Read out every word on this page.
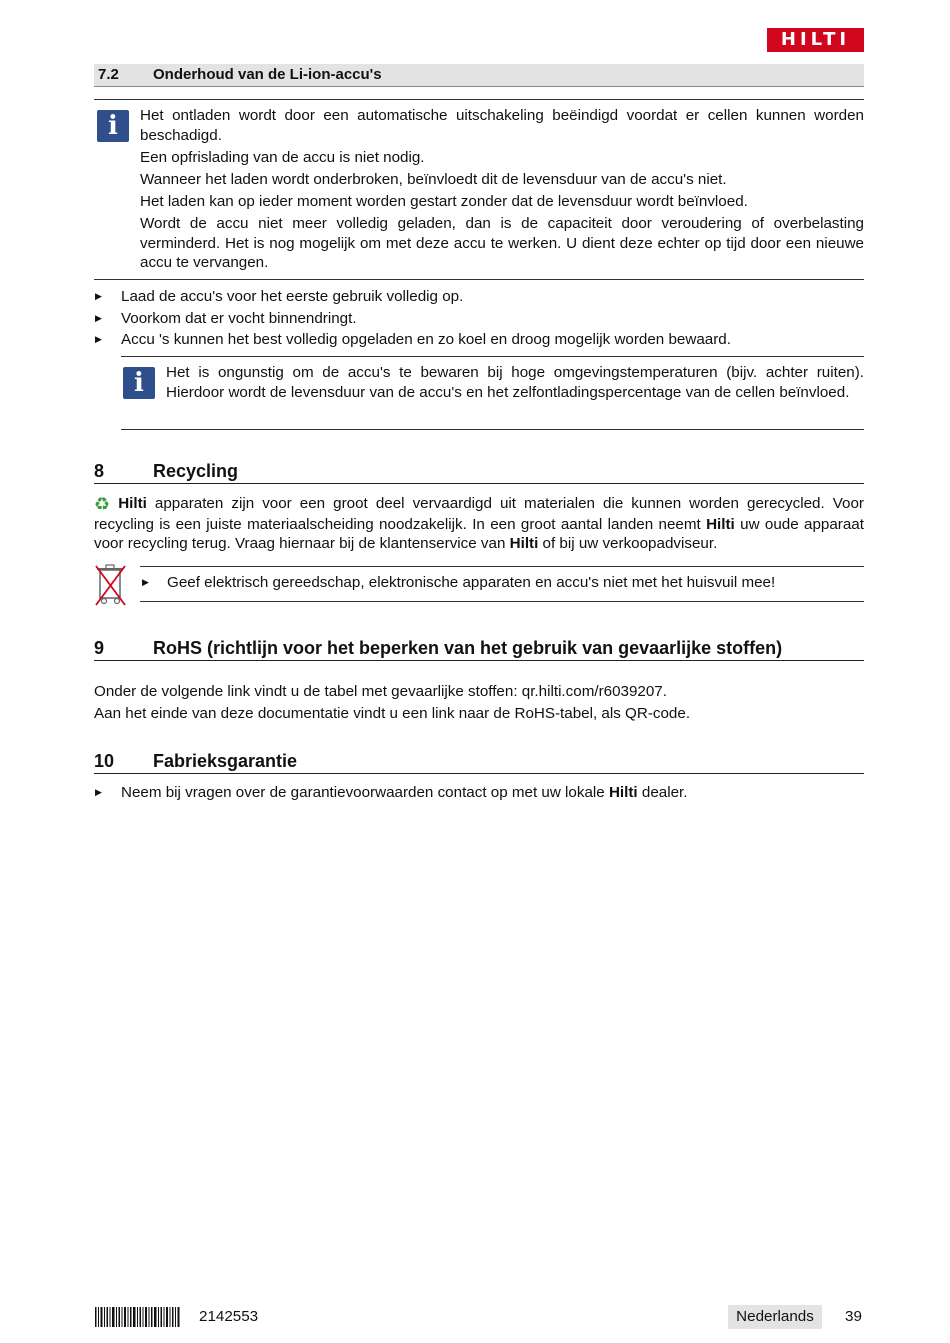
HILTI
7.2 Onderhoud van de Li-ion-accu's
i	Het ontladen wordt door een automatische uitschakeling beëindigd voordat er cellen kunnen worden beschadigd.

Een opfrislading van de accu is niet nodig.

Wanneer het laden wordt onderbroken, beïnvloedt dit de levensduur van de accu's niet.

Het laden kan op ieder moment worden gestart zonder dat de levensduur wordt beïnvloed.

Wordt de accu niet meer volledig geladen, dan is de capaciteit door veroudering of overbelasting verminderd. Het is nog mogelijk om met deze accu te werken. U dient deze echter op tijd door een nieuwe accu te vervangen.

▶ Laad de accu's voor het eerste gebruik volledig op.
▶ Voorkom dat er vocht binnendringt.
▶ Accu 's kunnen het best volledig opgeladen en zo koel en droog mogelijk worden bewaard.
i	Het is ongunstig om de accu's te bewaren bij hoge omgevingstemperaturen (bijv. achter ruiten). Hierdoor wordt de levensduur van de accu's en het zelfontladingspercentage van de cellen beïnvloed.
8	Recycling
♻ Hilti apparaten zijn voor een groot deel vervaardigd uit materialen die kunnen worden gerecycled. Voor recycling is een juiste materiaalscheiding noodzakelijk. In een groot aantal landen neemt Hilti uw oude apparaat voor recycling terug. Vraag hiernaar bij de klantenservice van Hilti of bij uw verkoopadviseur.
▶ Geef elektrisch gereedschap, elektronische apparaten en accu's niet met het huisvuil mee!
9	RoHS (richtlijn voor het beperken van het gebruik van gevaarlijke stoffen)
Onder de volgende link vindt u de tabel met gevaarlijke stoffen: qr.hilti.com/r6039207.
Aan het einde van deze documentatie vindt u een link naar de RoHS-tabel, als QR-code.
10 Fabrieksgarantie
▶ Neem bij vragen over de garantievoorwaarden contact op met uw lokale Hilti dealer.
2142553	Nederlands	39
